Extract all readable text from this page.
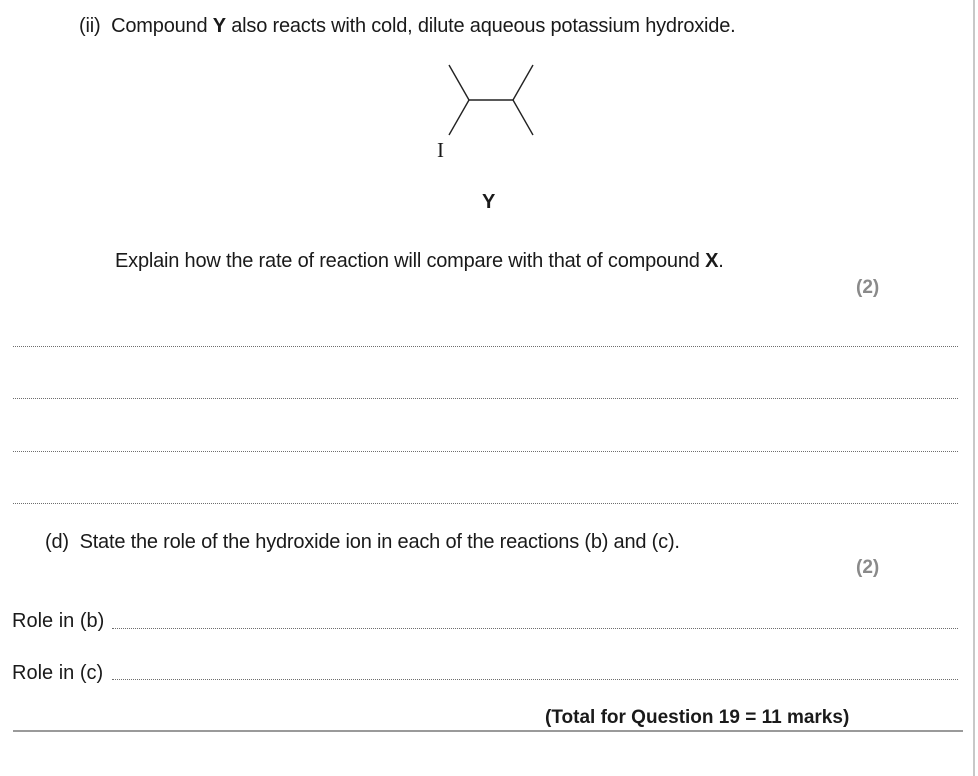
(ii) Compound Y also reacts with cold, dilute aqueous potassium hydroxide.
I
Y
Explain how the rate of reaction will compare with that of compound X.
(2)
(d) State the role of the hydroxide ion in each of the reactions (b) and (c).
(2)
Role in (b)
Role in (c)
(Total for Question 19 = 11 marks)
